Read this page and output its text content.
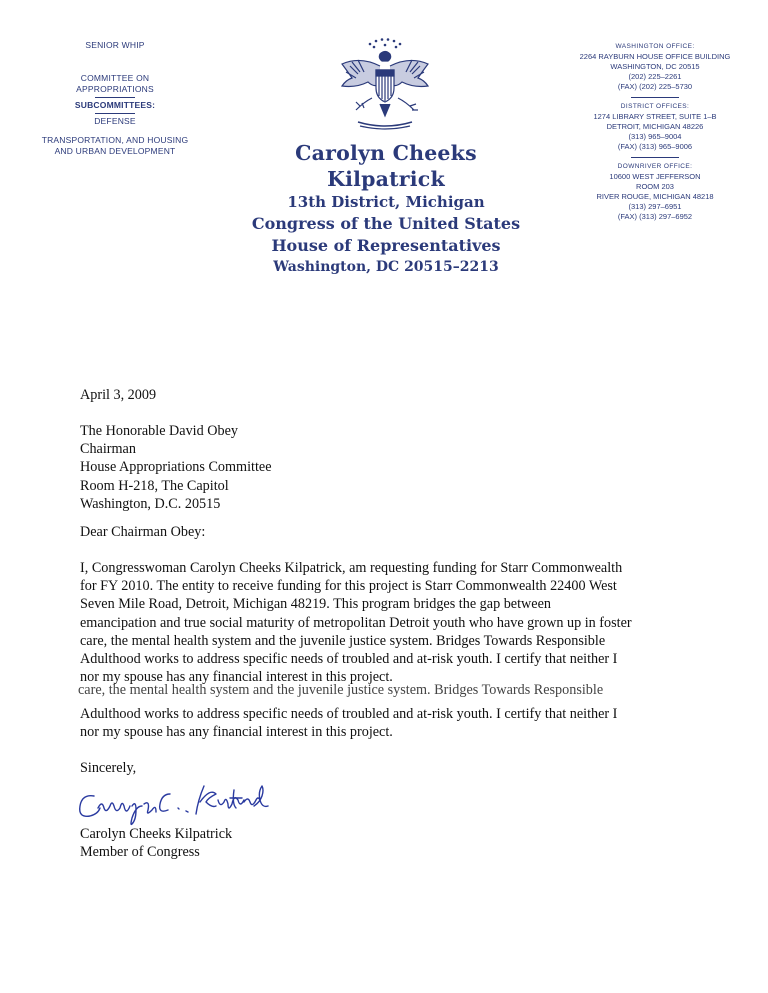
SENIOR WHIP
COMMITTEE ON
APPROPRIATIONS
SUBCOMMITTEES:
DEFENSE
TRANSPORTATION, AND HOUSING
AND URBAN DEVELOPMENT	Carolyn Cheeks Kilpatrick
13th District, Michigan
Congress of the United States
House of Representatives
Washington, DC 20515–2213
WASHINGTON OFFICE:
2264 RAYBURN HOUSE OFFICE BUILDING
WASHINGTON, DC 20515
(202) 225–2261
(FAX) (202) 225–5730
DISTRICT OFFICES:
1274 LIBRARY STREET, SUITE 1–B
DETROIT, MICHIGAN 48226
(313) 965–9004
(FAX) (313) 965–9006
DOWNRIVER OFFICE:
10600 WEST JEFFERSON
ROOM 203
RIVER ROUGE, MICHIGAN 48218
(313) 297–6951
(FAX) (313) 297–6952
April 3, 2009
The Honorable David Obey
Chairman
House Appropriations Committee
Room H-218, The Capitol
Washington, D.C. 20515
Dear Chairman Obey:
I, Congresswoman Carolyn Cheeks Kilpatrick, am requesting funding for Starr Commonwealth
for FY 2010. The entity to receive funding for this project is Starr Commonwealth 22400 West
Seven Mile Road, Detroit, Michigan 48219. This program bridges the gap between
emancipation and true social maturity of metropolitan Detroit youth who have grown up in foster
care, the mental health system and the juvenile justice system. Bridges Towards Responsible
Adulthood works to address specific needs of troubled and at-risk youth. I certify that neither I
nor my spouse has any financial interest in this project.
care, the mental health system and the juvenile justice system. Bridges Towards Responsible
Adulthood works to address specific needs of troubled and at-risk youth. I certify that neither I
nor my spouse has any financial interest in this project.
Sincerely,
Carolyn Cheeks Kilpatrick
Member of Congress
